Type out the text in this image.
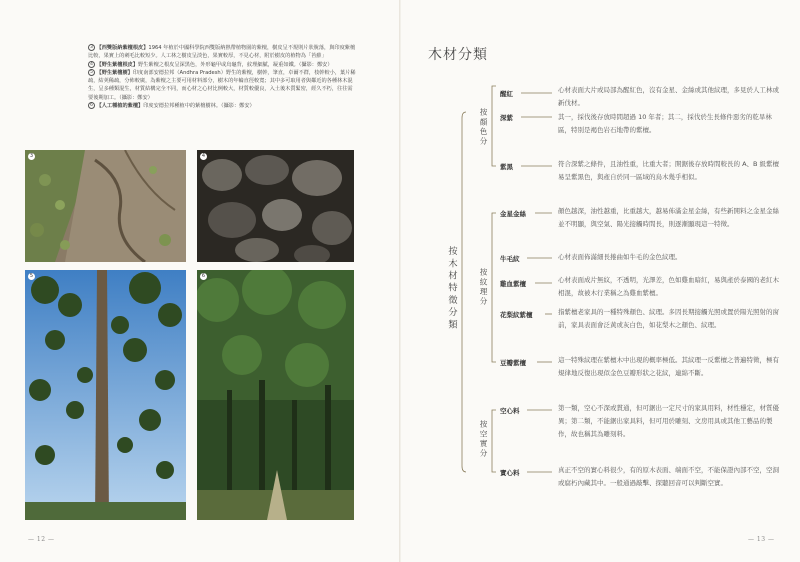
3 【西雙版納紫檀根皮】1964 年植於中國科學院西雙版納熱帶植物園的紫檀，樹皮呈不規則片狀脫落，與印度紫檀比較，果實上的刺毛比較短少。人工林之樹皮呈淡色，果實較厚，不見心材，附於樹皮的植物為「苔蘚」
4 【野生紫檀根皮】野生紫檀之根皮呈深黑色，外形龜甲或烏龜背，紋理細膩，凝重如鐵。（攝影：鄭安）
5 【野生紫檀樹】印度南部安德拉邦（Andhra Pradesh）野生的紫檀，樹幹，筆直，卓爾不群，枝幹較小，葉片稀疏，結莢稀疏，分佈較廣，為紫檀之主要可用材料部分，樹木的年輪直徑較寬；其中多可取用者與鄰近的各種林木混生，呈多種類混生，材質結構完全不同，而心材之心材比例較大，材質較優良，入土後木質緊密，經久不朽，往往需要後期加工。（攝影：鄭安）
6 【人工種植的紫檀】印度安德拉邦種植中的紫檀樹林。（攝影：鄭安）
3	4
5	6
— 12 —
木材分類
按木材特徵分類
按顏色分
按紋理分
按空實分
醒紅	心材表面大片或局部為醒紅色，沒有金星、金絲或其他紋理，多見於人工林或新伐材。
深紫	其一，採伐後存放時間超過 10 年者；其二，採伐於生長條件惡劣的乾旱林區，特別是褐色岩石地帶的紫檀。
紫黑	符合深紫之條件，且油性重，比重大者；開鋸後存放時間較長的 A、B 級紫檀易呈紫黑色，與產自於同一區域的烏木幾乎相似。
金星金絲	顏色越深，油性越重，比重越大，越易佈滿金星金絲，有些新開料之金星金絲並不明顯，與空氣、陽光接觸時間長，則逐漸顯現這一特徵。
牛毛紋	心材表面佈滿細長捲曲如牛毛的金色紋理。
雞血紫檀	心材表面成片無紋，不透明，光澤差，色如雞血暗紅，易與產於泰國的老紅木相混，故被木行業稱之為雞血紫檀。
花梨紋紫檀	指紫檀老家具的一種特殊顏色、紋理。多因長期接觸光照或置於陽光照射的窗前，家具表面會泛黃或灰白色，如花梨木之顏色、紋理。
豆瓣紫檀	這一特殊紋理在紫檀木中出現的概率極低。其紋理一反紫檀之普遍特徵，極有規律地反復出現似金色豆瓣形狀之花紋，連綿不斷。
空心料	第一類，空心不深或貫通，但可鋸出一定尺寸的家具用料，材性穩定，材質優異；第二類，不能鋸出家具料，但可用於雕刻、文房用具或其他工藝品的製作，故也稱其為雕刻料。
實心料	真正不空的實心料很少，有的原木表面、端面不空，不能保證內部不空，空洞或腐朽內藏其中。一般通過敲擊、探聽回音可以判斷空實。
— 13 —
